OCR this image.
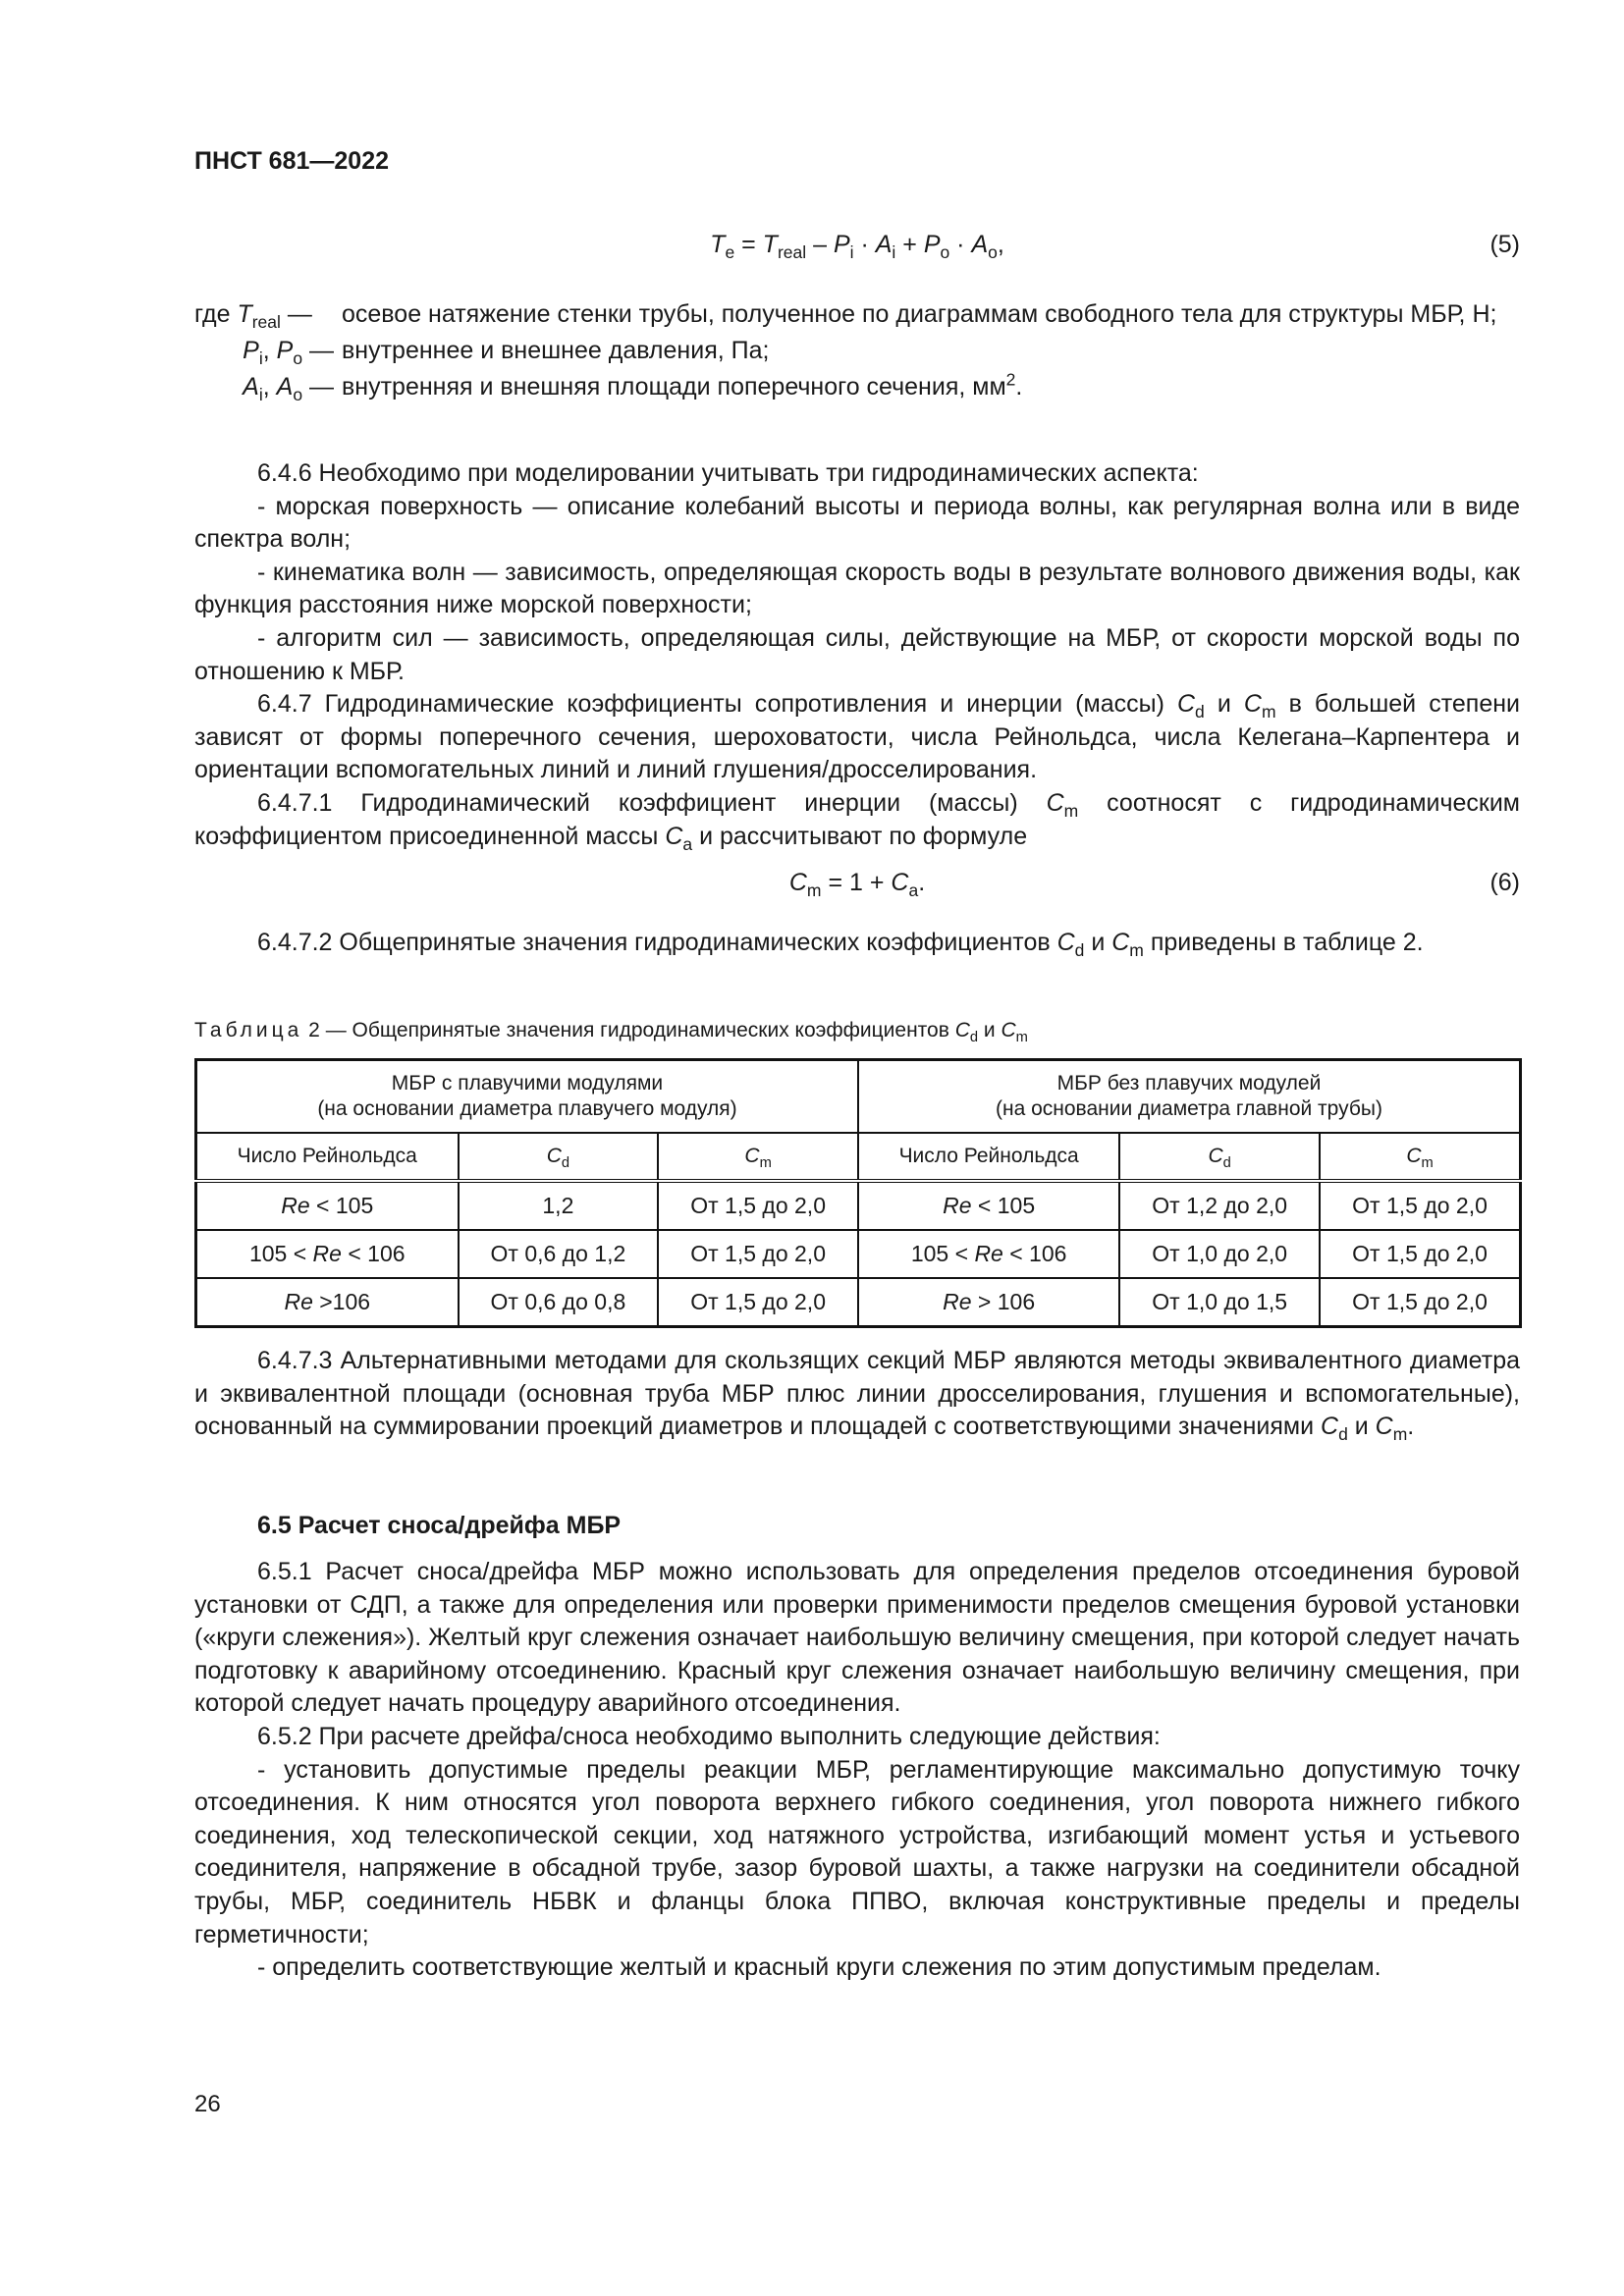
ПНСТ 681—2022
$T_e = T_{real} - P_i \cdot A_i + P_o \cdot A_o$,	(5)
где $T_{real}$ —	осевое натяжение стенки трубы, полученное по диаграммам свободного тела для структуры МБР, Н;
$P_i$, $P_o$ — внутреннее и внешнее давления, Па;
$A_i$, $A_o$ — внутренняя и внешняя площади поперечного сечения, $мм^2$.

6.4.6 Необходимо при моделировании учитывать три гидродинамических аспекта:

- морская поверхность — описание колебаний высоты и периода волны, как регулярная волна или в виде спектра волн;

- кинематика волн — зависимость, определяющая скорость воды в результате волнового движения воды, как функция расстояния ниже морской поверхности;

- алгоритм сил — зависимость, определяющая силы, действующие на МБР, от скорости морской воды по отношению к МБР.

6.4.7 Гидродинамические коэффициенты сопротивления и инерции (массы) $C_d$ и $C_m$ в большей степени зависят от формы поперечного сечения, шероховатости, числа Рейнольдса, числа Келегана–Карпентера и ориентации вспомогательных линий и линий глушения/дросселирования.

6.4.7.1 Гидродинамический коэффициент инерции (массы) $C_m$ соотносят с гидродинамическим коэффициентом присоединенной массы $C_a$ и рассчитывают по формуле

$C_m = 1 + C_a$.	(6)

6.4.7.2 Общепринятые значения гидродинамических коэффициентов $C_d$ и $C_m$ приведены в таблице 2.

Таблица 2 — Общепринятые значения гидродинамических коэффициентов $C_d$ и $C_m$
МБР с плавучими модулями
(на основании диаметра плавучего модуля)			МБР без плавучих модулей
(на основании диаметра главной трубы)		
Число Рейнольдса	$C_d$	$C_m$	Число Рейнольдса	$C_d$	$C_m$
Re < 105	1,2	От 1,5 до 2,0	Re < 105	От 1,2 до 2,0	От 1,5 до 2,0
105 < Re < 106	От 0,6 до 1,2	От 1,5 до 2,0	105 < Re < 106	От 1,0 до 2,0	От 1,5 до 2,0
Re >106	От 0,6 до 0,8	От 1,5 до 2,0	Re > 106	От 1,0 до 1,5	От 1,5 до 2,0

6.4.7.3 Альтернативными методами для скользящих секций МБР являются методы эквивалентного диаметра и эквивалентной площади (основная труба МБР плюс линии дросселирования, глушения и вспомогательные), основанный на суммировании проекций диаметров и площадей с соответствующими значениями $C_d$ и $C_m$.

6.5 Расчет сноса/дрейфа МБР

6.5.1 Расчет сноса/дрейфа МБР можно использовать для определения пределов отсоединения буровой установки от СДП, а также для определения или проверки применимости пределов смещения буровой установки («круги слежения»). Желтый круг слежения означает наибольшую величину смещения, при которой следует начать подготовку к аварийному отсоединению. Красный круг слежения означает наибольшую величину смещения, при которой следует начать процедуру аварийного отсоединения.

6.5.2 При расчете дрейфа/сноса необходимо выполнить следующие действия:

- установить допустимые пределы реакции МБР, регламентирующие максимально допустимую точку отсоединения. К ним относятся угол поворота верхнего гибкого соединения, угол поворота нижнего гибкого соединения, ход телескопической секции, ход натяжного устройства, изгибающий момент устья и устьевого соединителя, напряжение в обсадной трубе, зазор буровой шахты, а также нагрузки на соединители обсадной трубы, МБР, соединитель НБВК и фланцы блока ППВО, включая конструктивные пределы и пределы герметичности;

- определить соответствующие желтый и красный круги слежения по этим допустимым пределам.

26
